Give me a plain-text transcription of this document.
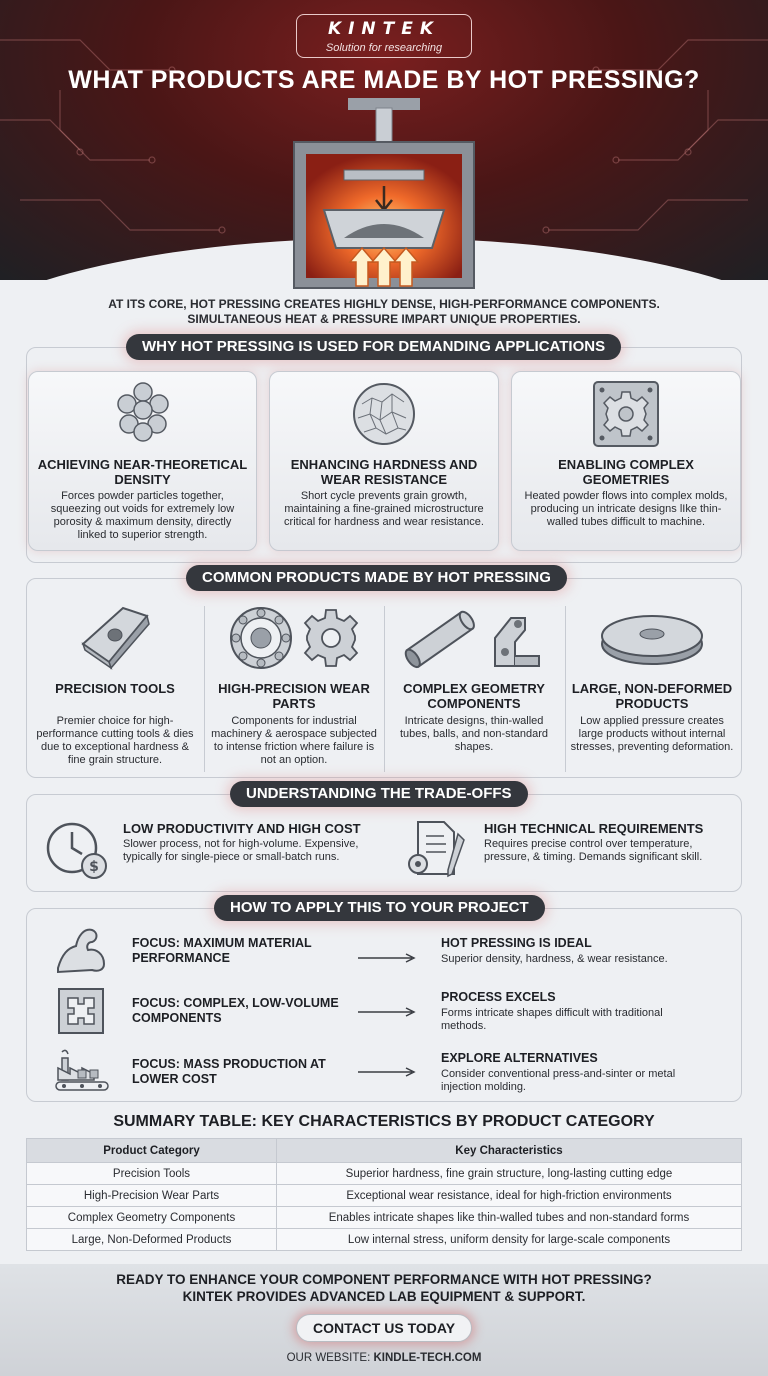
KINTEK
Solution for researching
WHAT PRODUCTS ARE MADE BY HOT PRESSING?
AT ITS CORE, HOT PRESSING CREATES HIGHLY DENSE, HIGH-PERFORMANCE COMPONENTS. SIMULTANEOUS HEAT & PRESSURE IMPART UNIQUE PROPERTIES.
WHY HOT PRESSING IS USED FOR DEMANDING APPLICATIONS
ACHIEVING NEAR-THEORETICAL DENSITY
Forces powder particles together, squeezing out voids for extremely low porosity & maximum density, directly linked to superior strength.
ENHANCING HARDNESS AND WEAR RESISTANCE
Short cycle prevents grain growth, maintaining a fine-grained microstructure critical for hardness and wear resistance.
ENABLING COMPLEX GEOMETRIES
Heated powder flows into complex molds, producing un intricate designs lIke thin-walled tubes difficult to machine.
COMMON PRODUCTS MADE BY HOT PRESSING
PRECISION TOOLS
Premier choice for high-performance cutting tools & dies due to exceptional hardness & fine grain structure.
HIGH-PRECISION WEAR PARTS
Components for industrial machinery & aerospace subjected to intense friction where failure is not an option.
COMPLEX GEOMETRY COMPONENTS
Intricate designs, thin-walled tubes, balls, and non-standard shapes.
LARGE, NON-DEFORMED PRODUCTS
Low applied pressure creates large products without internal stresses, preventing deformation.
UNDERSTANDING THE TRADE-OFFS
$
LOW PRODUCTIVITY AND HIGH COST
Slower process, not for high-volume. Expensive, typically for single-piece or small-batch runs.
HIGH TECHNICAL REQUIREMENTS
Requires precise control over temperature, pressure, & timing. Demands significant skill.
HOW TO APPLY THIS TO YOUR PROJECT
FOCUS: MAXIMUM MATERIAL PERFORMANCE
HOT PRESSING IS IDEAL
Superior density, hardness, & wear resistance.
FOCUS: COMPLEX, LOW-VOLUME COMPONENTS
PROCESS EXCELS
Forms intricate shapes difficult with traditional methods.
FOCUS: MASS PRODUCTION AT LOWER COST
EXPLORE ALTERNATIVES
Consider conventional press-and-sinter or metal injection molding.
SUMMARY TABLE: KEY CHARACTERISTICS BY PRODUCT CATEGORY
Product Category	Key Characteristics
Precision Tools	Superior hardness, fine grain structure, long-lasting cutting edge
High-Precision Wear Parts	Exceptional wear resistance, ideal for high-friction environments
Complex Geometry Components	Enables intricate shapes like thin-walled tubes and non-standard forms
Large, Non-Deformed Products	Low internal stress, uniform density for large-scale components
READY TO ENHANCE YOUR COMPONENT PERFORMANCE WITH HOT PRESSING?
KINTEK PROVIDES ADVANCED LAB EQUIPMENT & SUPPORT.
CONTACT US TODAY
OUR WEBSITE: KINDLE-TECH.COM
